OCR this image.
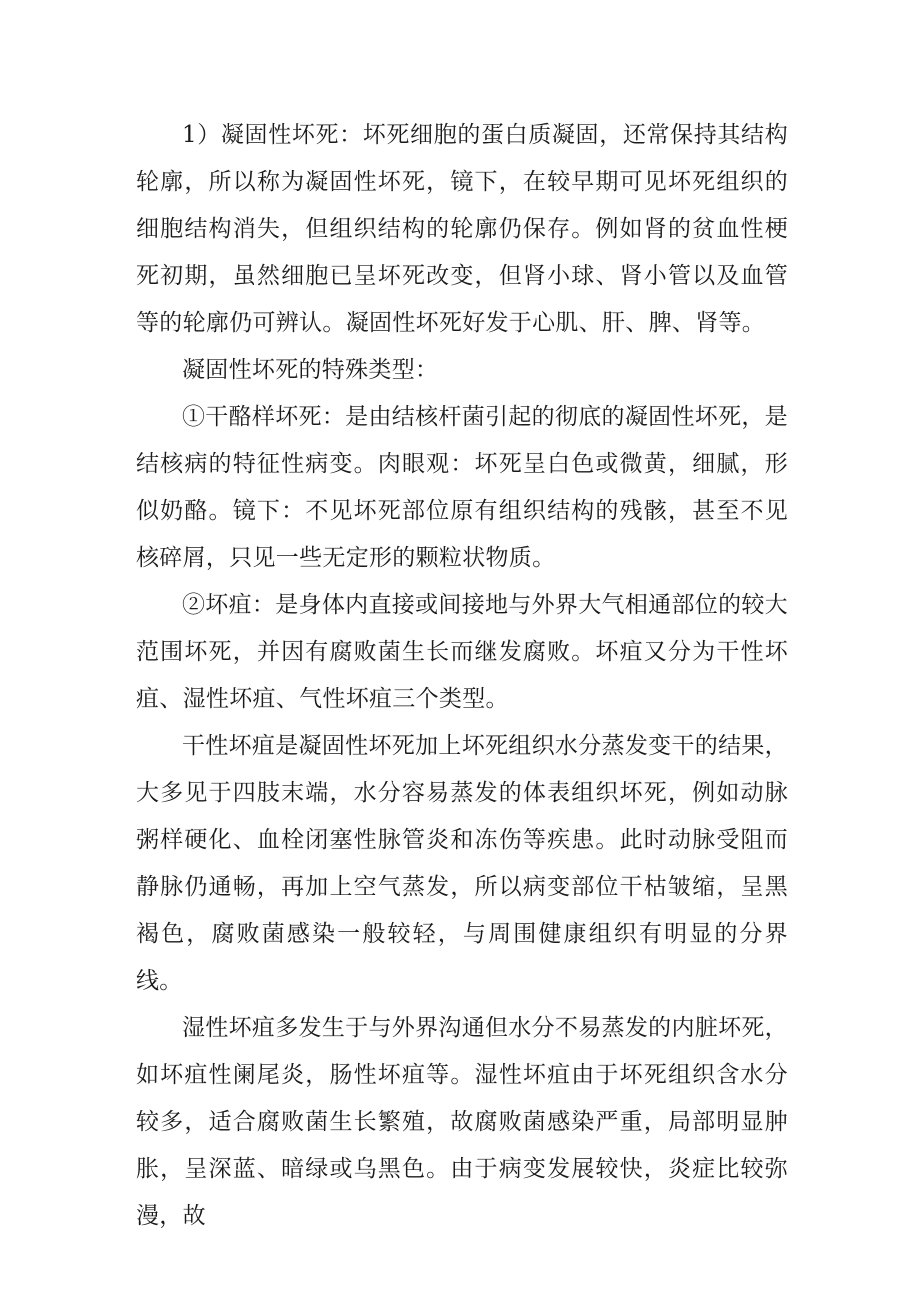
1）凝固性坏死：坏死细胞的蛋白质凝固，还常保持其结构轮廓，所以称为凝固性坏死，镜下，在较早期可见坏死组织的细胞结构消失，但组织结构的轮廓仍保存。例如肾的贫血性梗死初期，虽然细胞已呈坏死改变，但肾小球、肾小管以及血管等的轮廓仍可辨认。凝固性坏死好发于心肌、肝、脾、肾等。

凝固性坏死的特殊类型：

①干酪样坏死：是由结核杆菌引起的彻底的凝固性坏死，是结核病的特征性病变。肉眼观：坏死呈白色或微黄，细腻，形似奶酪。镜下：不见坏死部位原有组织结构的残骸，甚至不见核碎屑，只见一些无定形的颗粒状物质。

②坏疽：是身体内直接或间接地与外界大气相通部位的较大范围坏死，并因有腐败菌生长而继发腐败。坏疽又分为干性坏疽、湿性坏疽、气性坏疽三个类型。

干性坏疽是凝固性坏死加上坏死组织水分蒸发变干的结果，大多见于四肢末端，水分容易蒸发的体表组织坏死，例如动脉粥样硬化、血栓闭塞性脉管炎和冻伤等疾患。此时动脉受阻而静脉仍通畅，再加上空气蒸发，所以病变部位干枯皱缩，呈黑褐色，腐败菌感染一般较轻，与周围健康组织有明显的分界线。

湿性坏疽多发生于与外界沟通但水分不易蒸发的内脏坏死，如坏疽性阑尾炎，肠性坏疽等。湿性坏疽由于坏死组织含水分较多，适合腐败菌生长繁殖，故腐败菌感染严重，局部明显肿胀，呈深蓝、暗绿或乌黑色。由于病变发展较快，炎症比较弥漫，故
